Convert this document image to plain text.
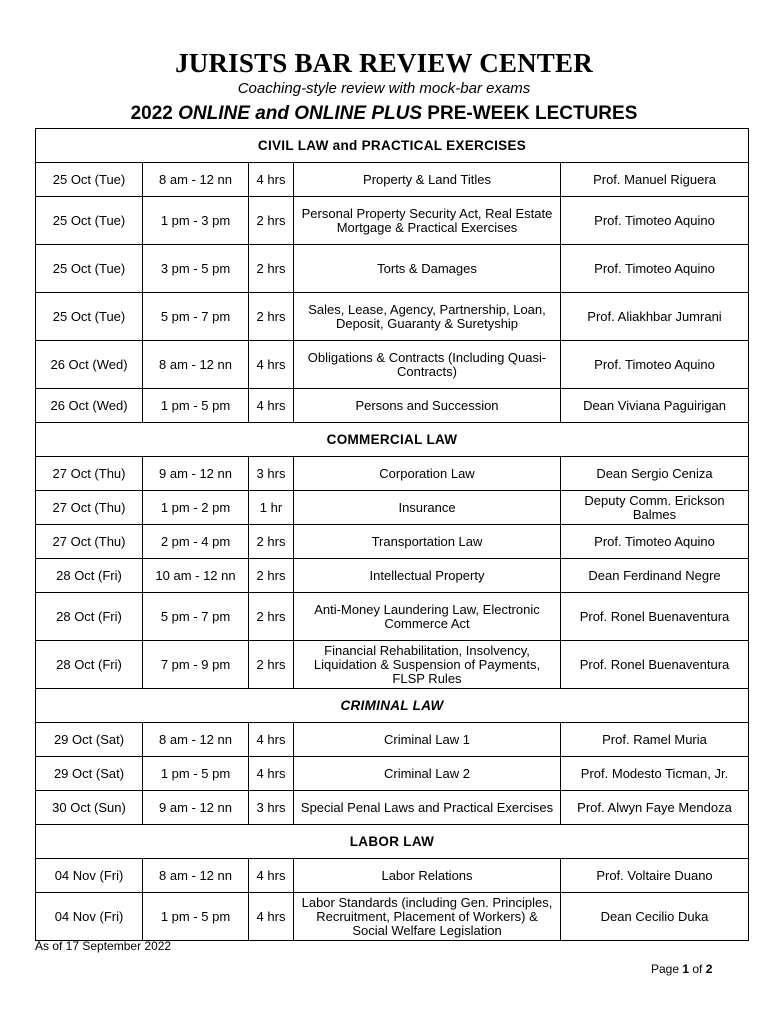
JURISTS BAR REVIEW CENTER
Coaching-style review with mock-bar exams
2022 ONLINE and ONLINE PLUS PRE-WEEK LECTURES
CIVIL LAW and PRACTICAL EXERCISES				
25 Oct (Tue)	8 am - 12 nn	4 hrs	Property & Land Titles	Prof. Manuel Riguera
25 Oct (Tue)	1 pm - 3 pm	2 hrs	Personal Property Security Act, Real Estate Mortgage & Practical Exercises	Prof. Timoteo Aquino
25 Oct (Tue)	3 pm - 5 pm	2 hrs	Torts & Damages	Prof. Timoteo Aquino
25 Oct (Tue)	5 pm - 7 pm	2 hrs	Sales, Lease, Agency, Partnership, Loan, Deposit, Guaranty & Suretyship	Prof. Aliakhbar Jumrani
26 Oct (Wed)	8 am - 12 nn	4 hrs	Obligations & Contracts (Including Quasi-Contracts)	Prof. Timoteo Aquino
26 Oct (Wed)	1 pm - 5 pm	4 hrs	Persons and Succession	Dean Viviana Paguirigan
COMMERCIAL LAW				
27 Oct (Thu)	9 am - 12 nn	3 hrs	Corporation Law	Dean Sergio Ceniza
27 Oct (Thu)	1 pm - 2 pm	1 hr	Insurance	Deputy Comm. Erickson Balmes
27 Oct (Thu)	2 pm - 4 pm	2 hrs	Transportation Law	Prof. Timoteo Aquino
28 Oct (Fri)	10 am - 12 nn	2 hrs	Intellectual Property	Dean Ferdinand Negre
28 Oct (Fri)	5 pm - 7 pm	2 hrs	Anti-Money Laundering Law, Electronic Commerce Act	Prof. Ronel Buenaventura
28 Oct (Fri)	7 pm - 9 pm	2 hrs	Financial Rehabilitation, Insolvency, Liquidation & Suspension of Payments, FLSP Rules	Prof. Ronel Buenaventura
CRIMINAL LAW				
29 Oct (Sat)	8 am - 12 nn	4 hrs	Criminal Law 1	Prof. Ramel Muria
29 Oct (Sat)	1 pm - 5 pm	4 hrs	Criminal Law 2	Prof. Modesto Ticman, Jr.
30 Oct (Sun)	9 am - 12 nn	3 hrs	Special Penal Laws and Practical Exercises	Prof. Alwyn Faye Mendoza
LABOR LAW				
04 Nov (Fri)	8 am - 12 nn	4 hrs	Labor Relations	Prof. Voltaire Duano
04 Nov (Fri)	1 pm - 5 pm	4 hrs	Labor Standards (including Gen. Principles, Recruitment, Placement of Workers) & Social Welfare Legislation	Dean Cecilio Duka
As of 17 September 2022
Page 1 of 2
